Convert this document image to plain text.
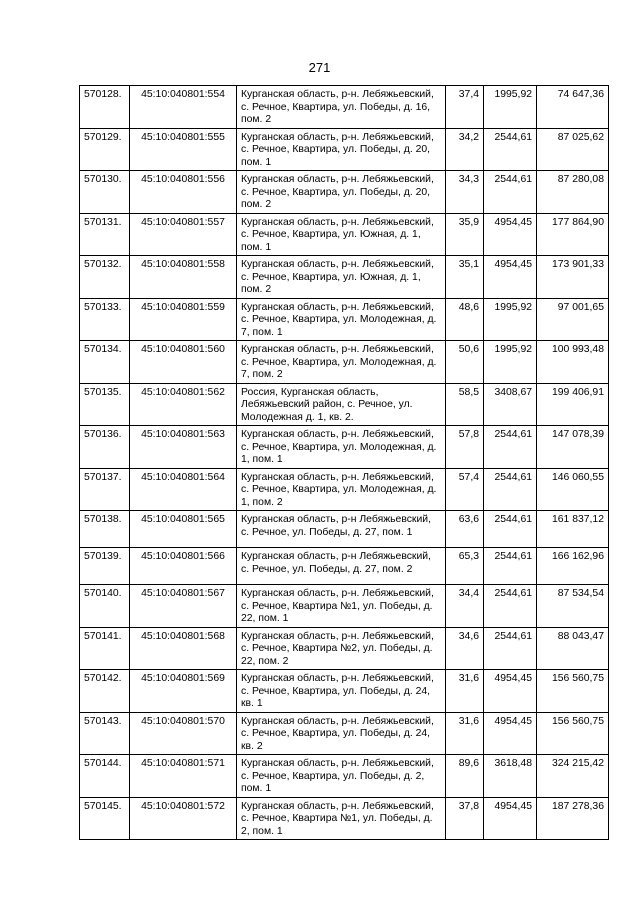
271
570128.	45:10:040801:554	Курганская область, р-н. Лебяжьевский, с. Речное, Квартира, ул. Победы, д. 16, пом. 2	37,4	1995,92	74 647,36
570129.	45:10:040801:555	Курганская область, р-н. Лебяжьевский, с. Речное, Квартира, ул. Победы, д. 20, пом. 1	34,2	2544,61	87 025,62
570130.	45:10:040801:556	Курганская область, р-н. Лебяжьевский, с. Речное, Квартира, ул. Победы, д. 20, пом. 2	34,3	2544,61	87 280,08
570131.	45:10:040801:557	Курганская область, р-н. Лебяжьевский, с. Речное, Квартира, ул. Южная, д. 1, пом. 1	35,9	4954,45	177 864,90
570132.	45:10:040801:558	Курганская область, р-н. Лебяжьевский, с. Речное, Квартира, ул. Южная, д. 1, пом. 2	35,1	4954,45	173 901,33
570133.	45:10:040801:559	Курганская область, р-н. Лебяжьевский, с. Речное, Квартира, ул. Молодежная, д. 7, пом. 1	48,6	1995,92	97 001,65
570134.	45:10:040801:560	Курганская область, р-н. Лебяжьевский, с. Речное, Квартира, ул. Молодежная, д. 7, пом. 2	50,6	1995,92	100 993,48
570135.	45:10:040801:562	Россия, Курганская область, Лебяжьевский район, с. Речное, ул. Молодежная д. 1, кв. 2.	58,5	3408,67	199 406,91
570136.	45:10:040801:563	Курганская область, р-н. Лебяжьевский, с. Речное, Квартира, ул. Молодежная, д. 1, пом. 1	57,8	2544,61	147 078,39
570137.	45:10:040801:564	Курганская область, р-н. Лебяжьевский, с. Речное, Квартира, ул. Молодежная, д. 1, пом. 2	57,4	2544,61	146 060,55
570138.	45:10:040801:565	Курганская область, р-н Лебяжьевский, с. Речное, ул. Победы, д. 27, пом. 1	63,6	2544,61	161 837,12
570139.	45:10:040801:566	Курганская область, р-н Лебяжьевский, с. Речное, ул. Победы, д. 27, пом. 2	65,3	2544,61	166 162,96
570140.	45:10:040801:567	Курганская область, р-н. Лебяжьевский, с. Речное, Квартира №1, ул. Победы, д. 22, пом. 1	34,4	2544,61	87 534,54
570141.	45:10:040801:568	Курганская область, р-н. Лебяжьевский, с. Речное, Квартира №2, ул. Победы, д. 22, пом. 2	34,6	2544,61	88 043,47
570142.	45:10:040801:569	Курганская область, р-н. Лебяжьевский, с. Речное, Квартира, ул. Победы, д. 24, кв. 1	31,6	4954,45	156 560,75
570143.	45:10:040801:570	Курганская область, р-н. Лебяжьевский, с. Речное, Квартира, ул. Победы, д. 24, кв. 2	31,6	4954,45	156 560,75
570144.	45:10:040801:571	Курганская область, р-н. Лебяжьевский, с. Речное, Квартира, ул. Победы, д. 2, пом. 1	89,6	3618,48	324 215,42
570145.	45:10:040801:572	Курганская область, р-н. Лебяжьевский, с. Речное, Квартира №1, ул. Победы, д. 2, пом. 1	37,8	4954,45	187 278,36
